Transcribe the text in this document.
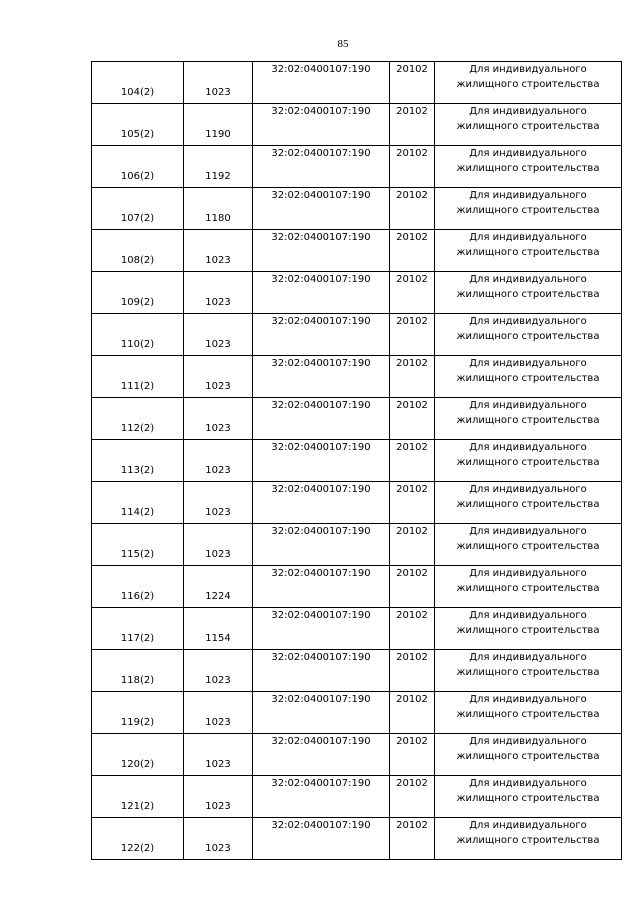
85
104(2)	1023	32:02:0400107:190	20102	Для индивидуального жилищного строительства
105(2)	1190	32:02:0400107:190	20102	Для индивидуального жилищного строительства
106(2)	1192	32:02:0400107:190	20102	Для индивидуального жилищного строительства
107(2)	1180	32:02:0400107:190	20102	Для индивидуального жилищного строительства
108(2)	1023	32:02:0400107:190	20102	Для индивидуального жилищного строительства
109(2)	1023	32:02:0400107:190	20102	Для индивидуального жилищного строительства
110(2)	1023	32:02:0400107:190	20102	Для индивидуального жилищного строительства
111(2)	1023	32:02:0400107:190	20102	Для индивидуального жилищного строительства
112(2)	1023	32:02:0400107:190	20102	Для индивидуального жилищного строительства
113(2)	1023	32:02:0400107:190	20102	Для индивидуального жилищного строительства
114(2)	1023	32:02:0400107:190	20102	Для индивидуального жилищного строительства
115(2)	1023	32:02:0400107:190	20102	Для индивидуального жилищного строительства
116(2)	1224	32:02:0400107:190	20102	Для индивидуального жилищного строительства
117(2)	1154	32:02:0400107:190	20102	Для индивидуального жилищного строительства
118(2)	1023	32:02:0400107:190	20102	Для индивидуального жилищного строительства
119(2)	1023	32:02:0400107:190	20102	Для индивидуального жилищного строительства
120(2)	1023	32:02:0400107:190	20102	Для индивидуального жилищного строительства
121(2)	1023	32:02:0400107:190	20102	Для индивидуального жилищного строительства
122(2)	1023	32:02:0400107:190	20102	Для индивидуального жилищного строительства
